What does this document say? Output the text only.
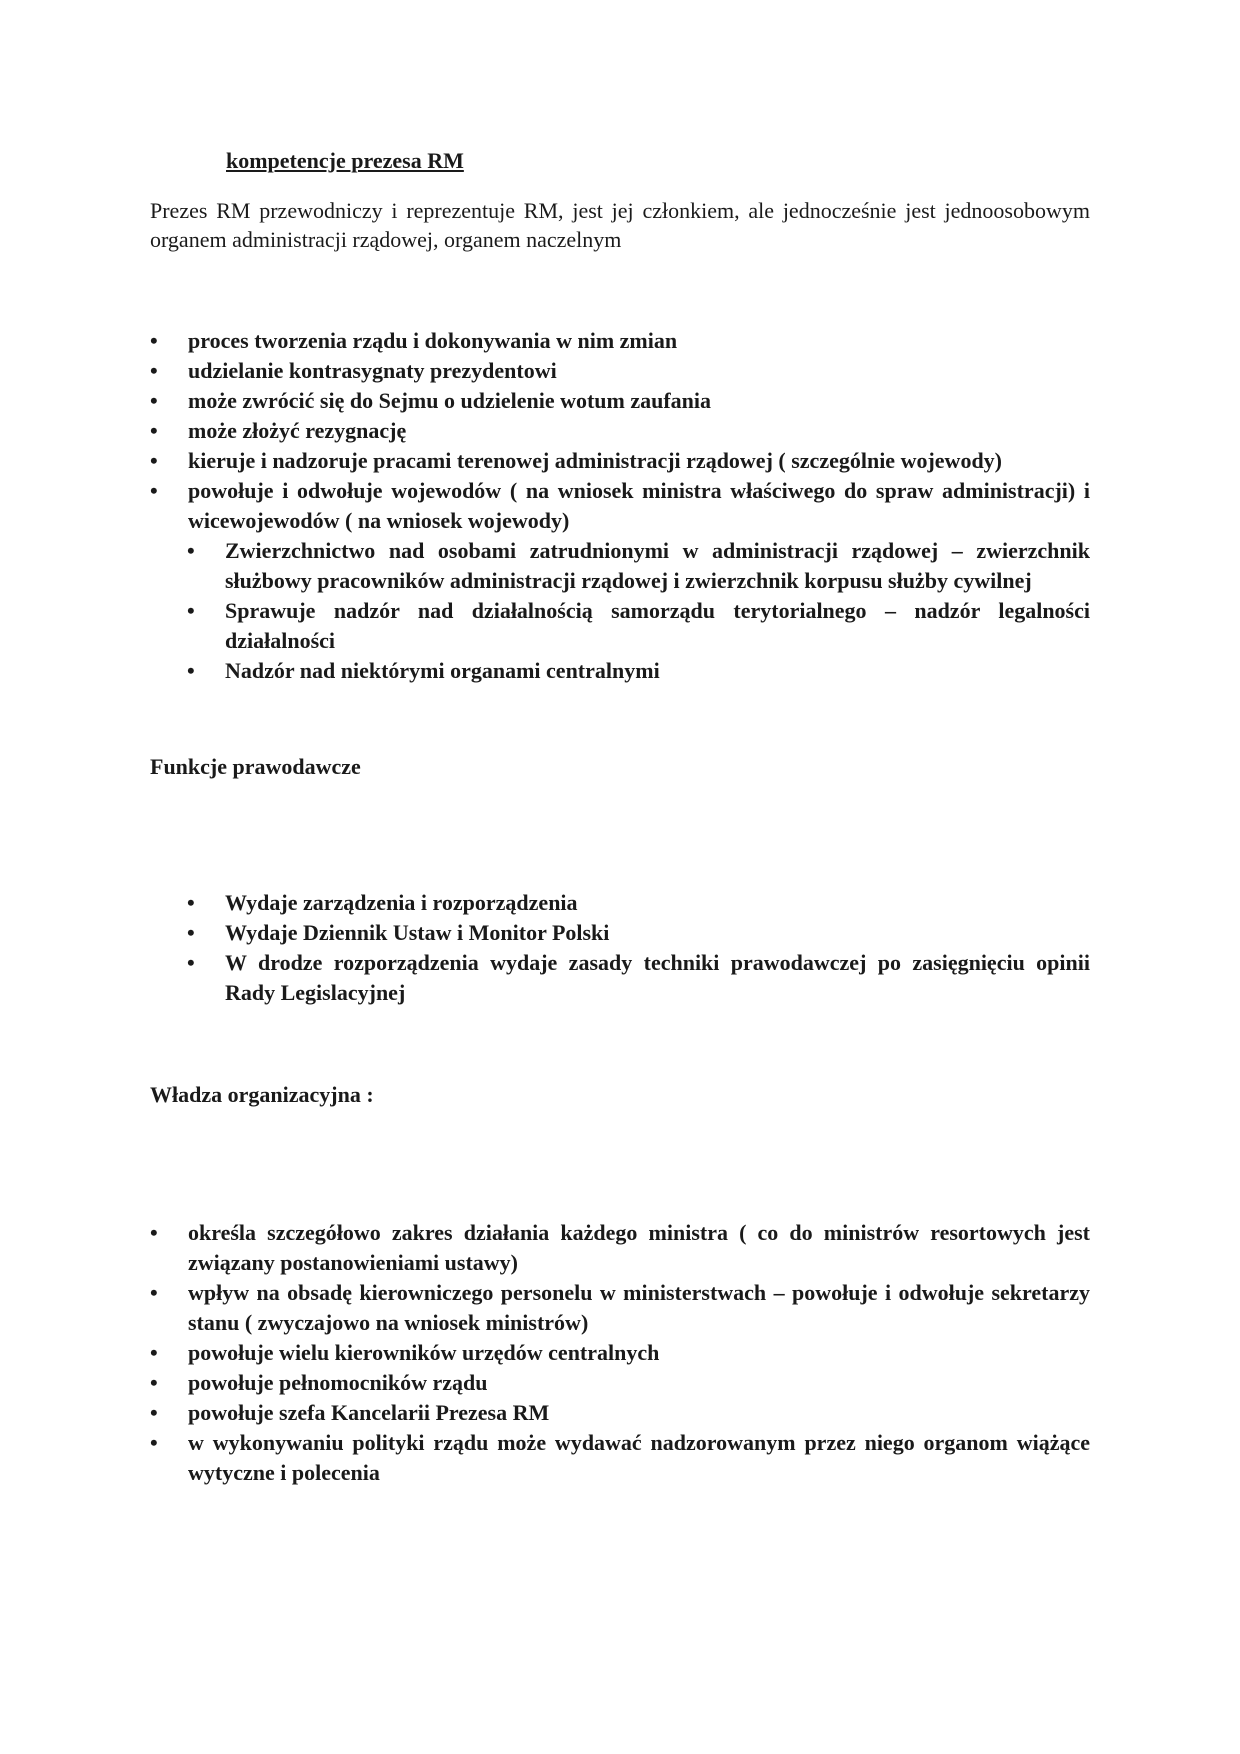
kompetencje prezesa RM

Prezes RM przewodniczy i reprezentuje RM, jest jej członkiem, ale jednocześnie jest jednoosobowym organem administracji rządowej, organem naczelnym

• proces tworzenia rządu i dokonywania w nim zmian
• udzielanie kontrasygnaty prezydentowi
• może zwrócić się do Sejmu o udzielenie wotum zaufania
• może złożyć rezygnację
• kieruje i nadzoruje pracami terenowej administracji rządowej ( szczególnie wojewody)
• powołuje i odwołuje wojewodów ( na wniosek ministra właściwego do spraw administracji) i wicewojewodów ( na wniosek wojewody)
• Zwierzchnictwo nad osobami zatrudnionymi w administracji rządowej – zwierzchnik służbowy pracowników administracji rządowej i zwierzchnik korpusu służby cywilnej
• Sprawuje nadzór nad działalnością samorządu terytorialnego – nadzór legalności działalności
• Nadzór nad niektórymi organami centralnymi

Funkcje prawodawcze

• Wydaje zarządzenia i rozporządzenia
• Wydaje Dziennik Ustaw i Monitor Polski
• W drodze rozporządzenia wydaje zasady techniki prawodawczej po zasięgnięciu opinii Rady Legislacyjnej

Władza organizacyjna :

• określa szczegółowo zakres działania każdego ministra ( co do ministrów resortowych jest związany postanowieniami ustawy)
• wpływ na obsadę kierowniczego personelu w ministerstwach – powołuje i odwołuje sekretarzy stanu ( zwyczajowo na wniosek ministrów)
• powołuje wielu kierowników urzędów centralnych
• powołuje pełnomocników rządu
• powołuje szefa Kancelarii Prezesa RM
• w wykonywaniu polityki rządu może wydawać nadzorowanym przez niego organom wiążące wytyczne i polecenia
